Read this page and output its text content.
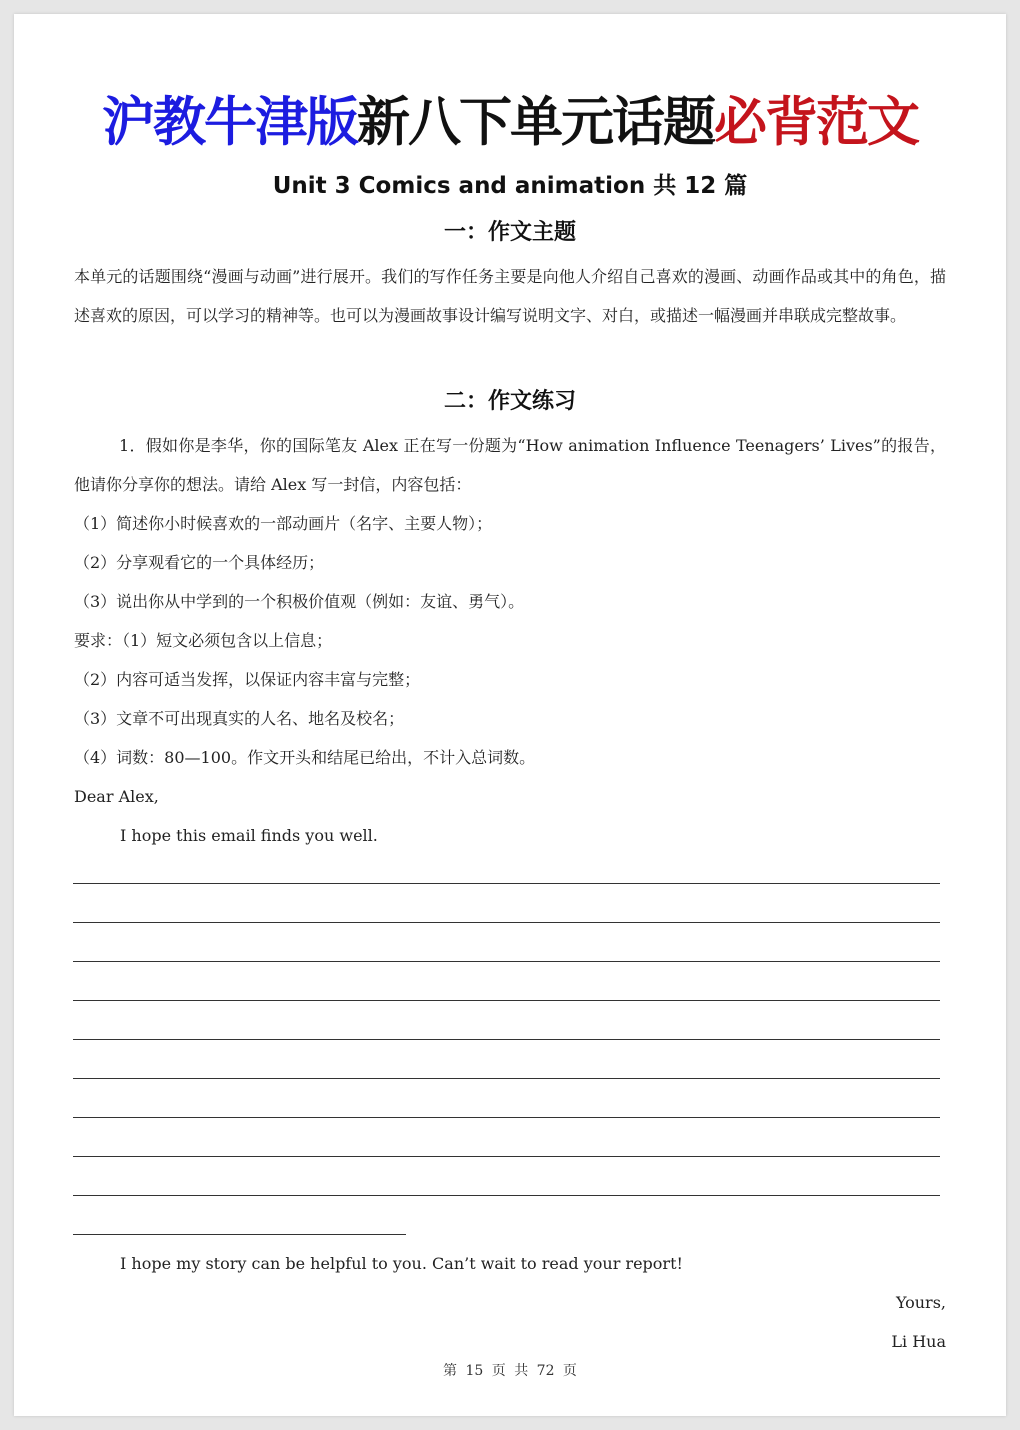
沪教牛津版新八下单元话题必背范文
Unit 3 Comics and animation 共 12 篇
一：作文主题
本单元的话题围绕“漫画与动画”进行展开。我们的写作任务主要是向他人介绍自己喜欢的漫画、动画作品或其中的角色，描述喜欢的原因，可以学习的精神等。也可以为漫画故事设计编写说明文字、对白，或描述一幅漫画并串联成完整故事。
二：作文练习
1．假如你是李华，你的国际笔友 Alex 正在写一份题为“How animation Influence Teenagers’ Lives”的报告，他请你分享你的想法。请给 Alex 写一封信，内容包括：
（1）简述你小时候喜欢的一部动画片（名字、主要人物）；
（2）分享观看它的一个具体经历；
（3）说出你从中学到的一个积极价值观（例如：友谊、勇气）。
要求：（1）短文必须包含以上信息；
（2）内容可适当发挥，以保证内容丰富与完整；
（3）文章不可出现真实的人名、地名及校名；
（4）词数：80—100。作文开头和结尾已给出，不计入总词数。
Dear Alex,
I hope this email finds you well.
I hope my story can be helpful to you. Can’t wait to read your report!
Yours,
Li Hua
第 15 页 共 72 页
